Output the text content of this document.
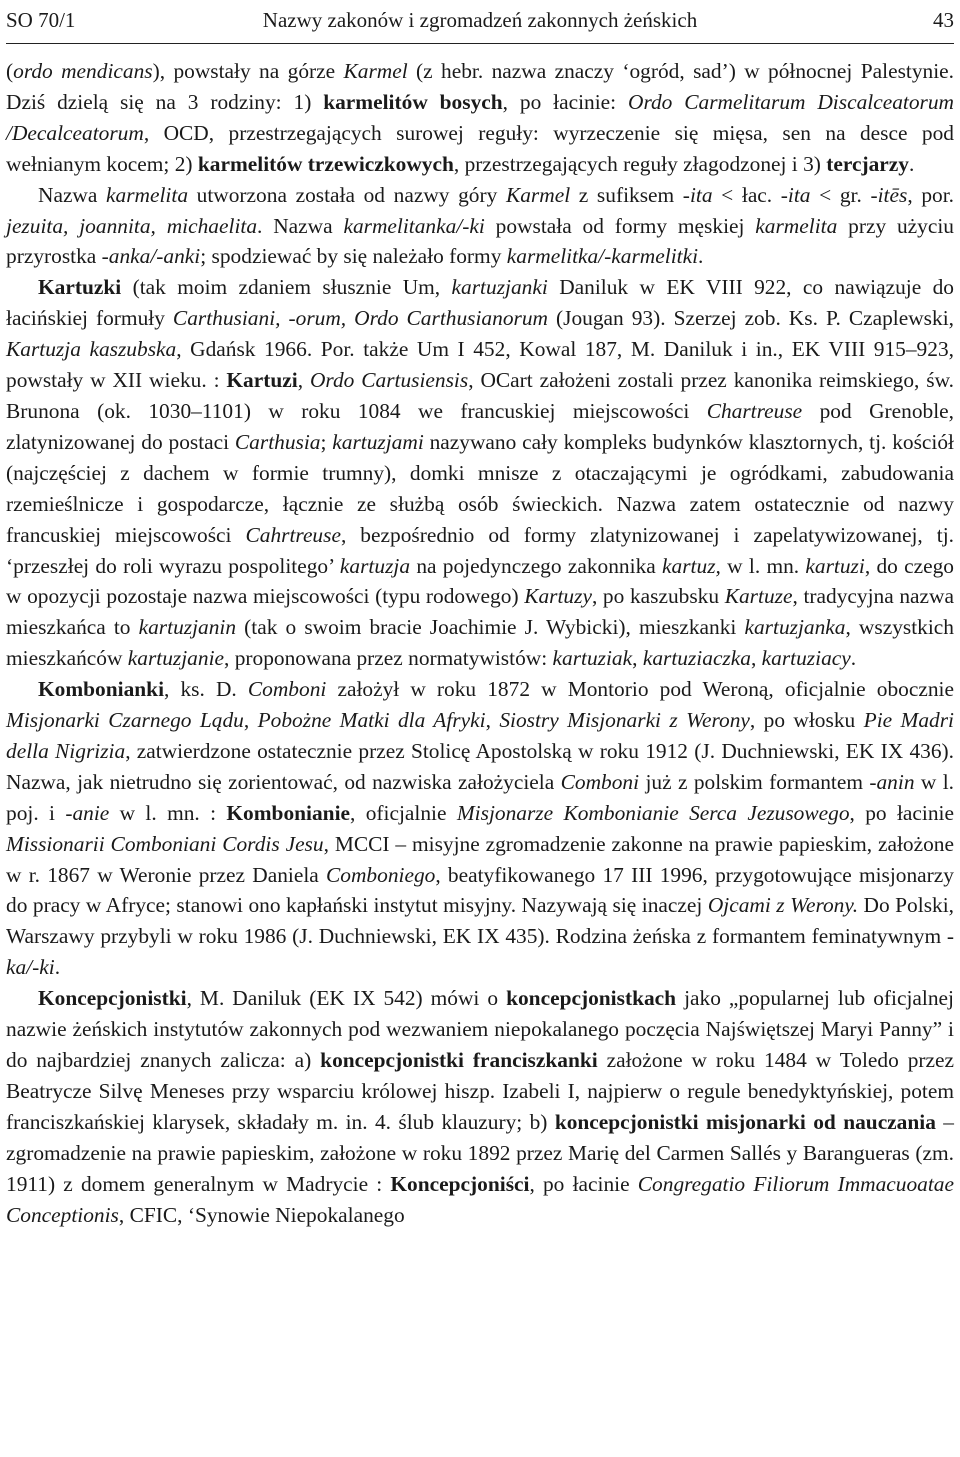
SO 70/1	Nazwy zakonów i zgromadzeń zakonnych żeńskich	43

(ordo mendicans), powstały na górze Karmel (z hebr. nazwa znaczy ‘ogród, sad’) w północnej Palestynie. Dziś dzielą się na 3 rodziny: 1) karmelitów bosych, po łacinie: Ordo Carmelitarum Discalceatorum /Decalceatorum, OCD, przestrzegających surowej reguły: wyrzeczenie się mięsa, sen na desce pod wełnianym kocem; 2) karmelitów trzewiczkowych, przestrzegających reguły złagodzonej i 3) tercjarzy.

Nazwa karmelita utworzona została od nazwy góry Karmel z sufiksem -ita < łac. -ita < gr. -itēs, por. jezuita, joannita, michaelita. Nazwa karmelitanka/-ki powstała od formy męskiej karmelita przy użyciu przyrostka -anka/-anki; spodziewać by się należało formy karmelitka/-karmelitki.

Kartuzki (tak moim zdaniem słusznie Um, kartuzjanki Daniluk w EK VIII 922, co nawiązuje do łacińskiej formuły Carthusiani, -orum, Ordo Carthusianorum (Jougan 93). Szerzej zob. Ks. P. Czaplewski, Kartuzja kaszubska, Gdańsk 1966. Por. także Um I 452, Kowal 187, M. Daniluk i in., EK VIII 915–923, powstały w XII wieku. : Kartuzi, Ordo Cartusiensis, OCart założeni zostali przez kanonika reimskiego, św. Brunona (ok. 1030–1101) w roku 1084 we francuskiej miejscowości Chartreuse pod Grenoble, zlatynizowanej do postaci Carthusia; kartuzjami nazywano cały kompleks budynków klasztornych, tj. kościół (najczęściej z dachem w formie trumny), domki mnisze z otaczającymi je ogródkami, zabudowania rzemieślnicze i gospodarcze, łącznie ze służbą osób świeckich. Nazwa zatem ostatecznie od nazwy francuskiej miejscowości Cahrtreuse, bezpośrednio od formy zlatynizowanej i zapelatywizowanej, tj. ‘przeszłej do roli wyrazu pospolitego’ kartuzja na pojedynczego zakonnika kartuz, w l. mn. kartuzi, do czego w opozycji pozostaje nazwa miejscowości (typu rodowego) Kartuzy, po kaszubsku Kartuze, tradycyjna nazwa mieszkańca to kartuzjanin (tak o swoim bracie Joachimie J. Wybicki), mieszkanki kartuzjanka, wszystkich mieszkańców kartuzjanie, proponowana przez normatywistów: kartuziak, kartuziaczka, kartuziacy.

Kombonianki, ks. D. Comboni założył w roku 1872 w Montorio pod Weroną, oficjalnie obocznie Misjonarki Czarnego Lądu, Pobożne Matki dla Afryki, Siostry Misjonarki z Werony, po włosku Pie Madri della Nigrizia, zatwierdzone ostatecznie przez Stolicę Apostolską w roku 1912 (J. Duchniewski, EK IX 436). Nazwa, jak nietrudno się zorientować, od nazwiska założyciela Comboni już z polskim formantem -anin w l. poj. i -anie w l. mn. : Kombonianie, oficjalnie Misjonarze Kombonianie Serca Jezusowego, po łacinie Missionarii Comboniani Cordis Jesu, MCCI – misyjne zgromadzenie zakonne na prawie papieskim, założone w r. 1867 w Weronie przez Daniela Comboniego, beatyfikowanego 17 III 1996, przygotowujące misjonarzy do pracy w Afryce; stanowi ono kapłański instytut misyjny. Nazywają się inaczej Ojcami z Werony. Do Polski, Warszawy przybyli w roku 1986 (J. Duchniewski, EK IX 435). Rodzina żeńska z formantem feminatywnym -ka/-ki.

Koncepcjonistki, M. Daniluk (EK IX 542) mówi o koncepcjonistkach jako „popularnej lub oficjalnej nazwie żeńskich instytutów zakonnych pod wezwaniem niepokalanego poczęcia Najświętszej Maryi Panny” i do najbardziej znanych zalicza: a) koncepcjonistki franciszkanki założone w roku 1484 w Toledo przez Beatrycze Silvę Meneses przy wsparciu królowej hiszp. Izabeli I, najpierw o regule benedyktyńskiej, potem franciszkańskiej klarysek, składały m. in. 4. ślub klauzury; b) koncepcjonistki misjonarki od nauczania – zgromadzenie na prawie papieskim, założone w roku 1892 przez Marię del Carmen Sallés y Barangueras (zm. 1911) z domem generalnym w Madrycie : Koncepcjoniści, po łacinie Congregatio Filiorum Immacuoatae Conceptionis, CFIC, ‘Synowie Niepokalanego
